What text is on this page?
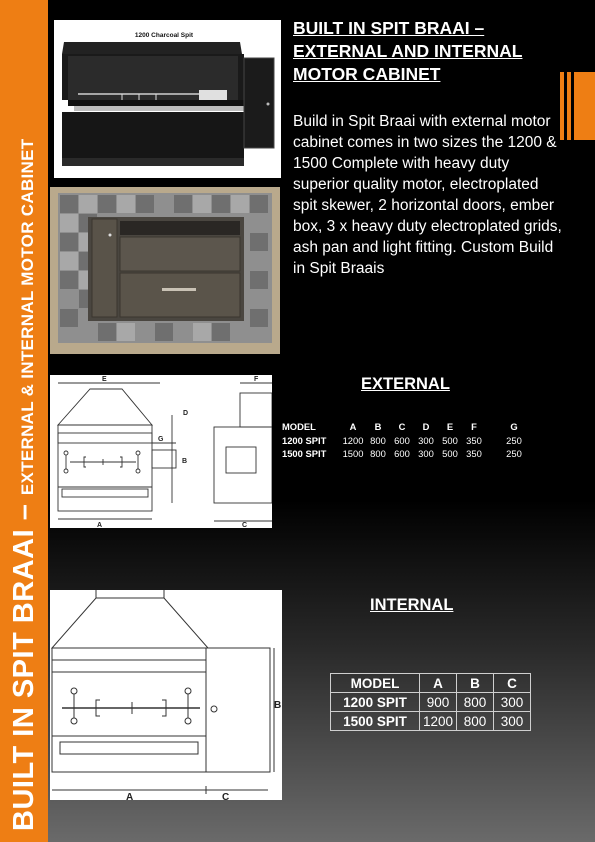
BUILT IN SPIT BRAAI – EXTERNAL & INTERNAL MOTOR CABINET
1200 Charcoal Spit	BUILT IN SPIT BRAAI – EXTERNAL AND INTERNAL MOTOR CABINET

Build in Spit Braai with external motor cabinet comes in two sizes the 1200 & 1500 Complete with heavy duty superior quality motor, electroplated spit skewer, 2 horizontal doors, ember box, 3 x heavy duty electroplated grids, ash pan and light fitting. Custom Build in Spit Braais

EXTERNAL
E
D
G
B
A
F
C
MODEL	A	B	C	D	E	F	G
1200 SPIT	1200	800	600	300	500	350	250
1500 SPIT	1500	800	600	300	500	350	250
INTERNAL
B
A	C
MODEL	A	B	C
1200 SPIT	900	800	300
1500 SPIT	1200	800	300
